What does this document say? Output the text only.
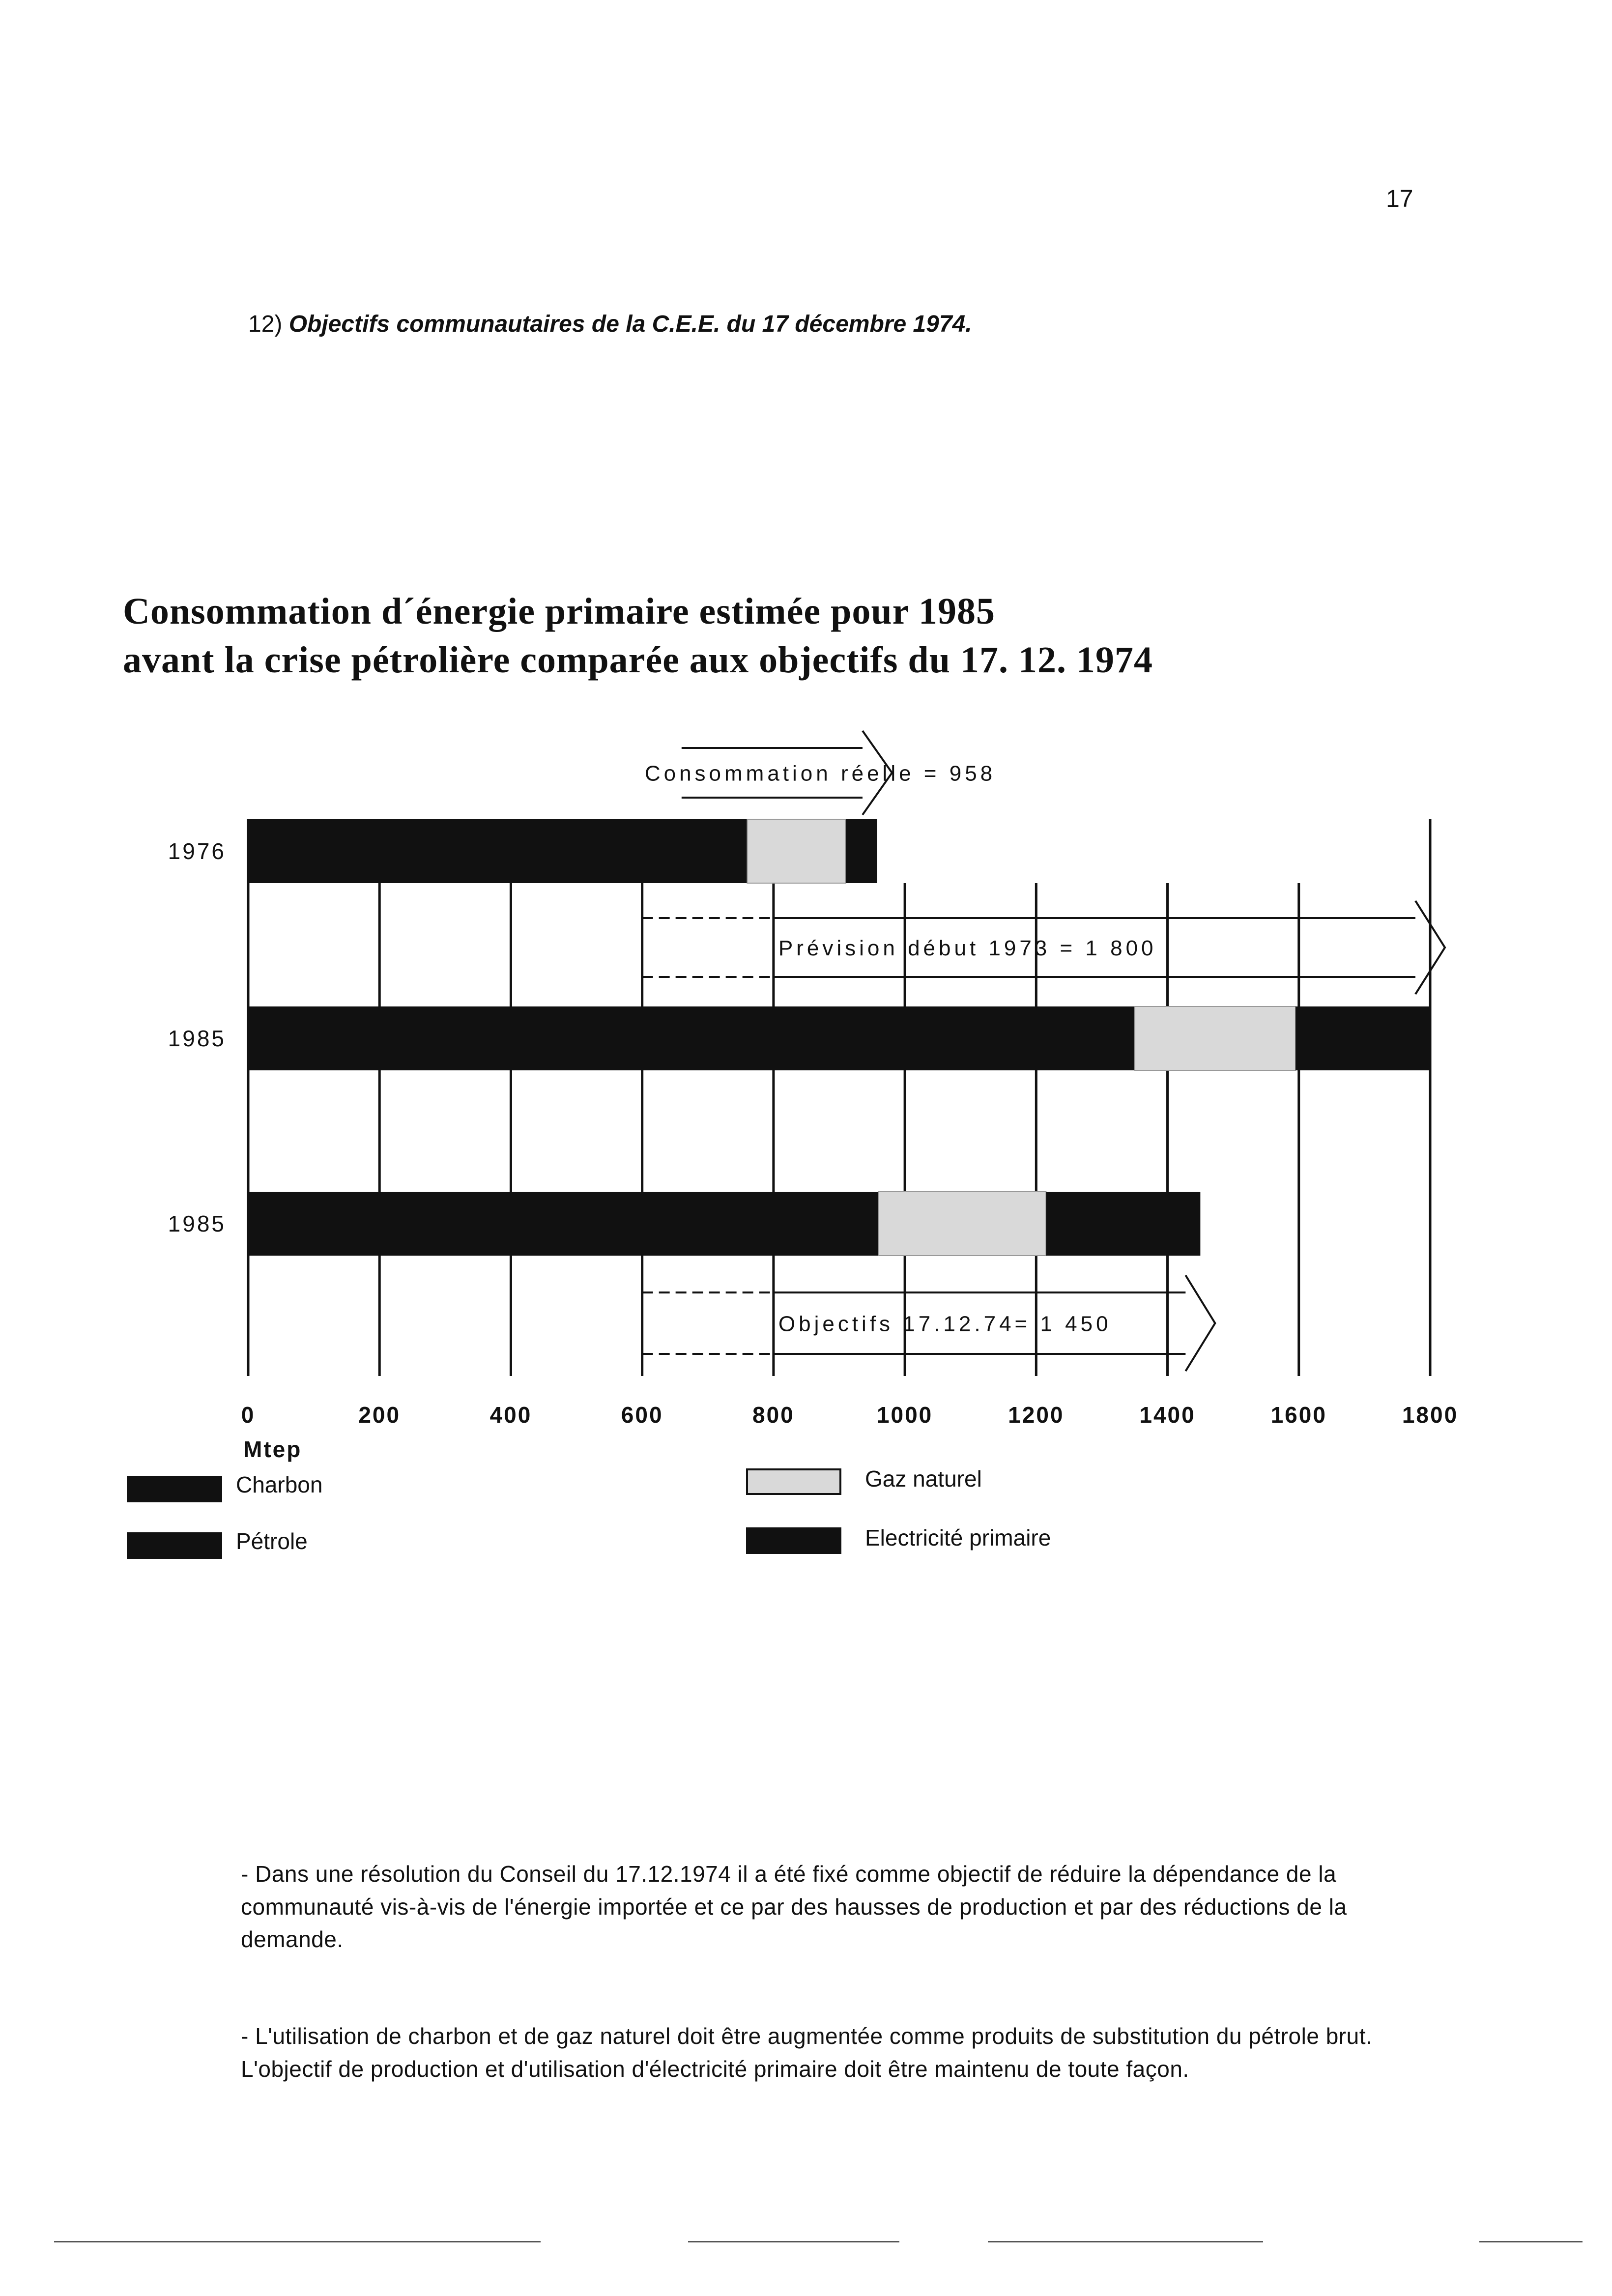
17
12) Objectifs communautaires de la C.E.E. du 17 décembre 1974.
Consommation d´énergie primaire estimée pour 1985
avant la crise pétrolière comparée aux objectifs du 17. 12. 1974
Consommation réelle = 958
Prévision début 1973 = 1 800
Objectifs 17.12.74= 1 450
0	200	400	600	800	1000	1200	1400	1600	1800
Mtep
1976
1985
1985
Charbon
Pétrole
Gaz naturel
Electricité primaire
- Dans une résolution du Conseil du 17.12.1974 il a été fixé comme objectif de réduire la dépendance de la communauté vis-à-vis de l'énergie importée et ce par des hausses de production et par des réductions de la demande.
- L'utilisation de charbon et de gaz naturel doit être augmentée comme produits de substitution du pétrole brut. L'objectif de production et d'utilisation d'électricité primaire doit être maintenu de toute façon.
